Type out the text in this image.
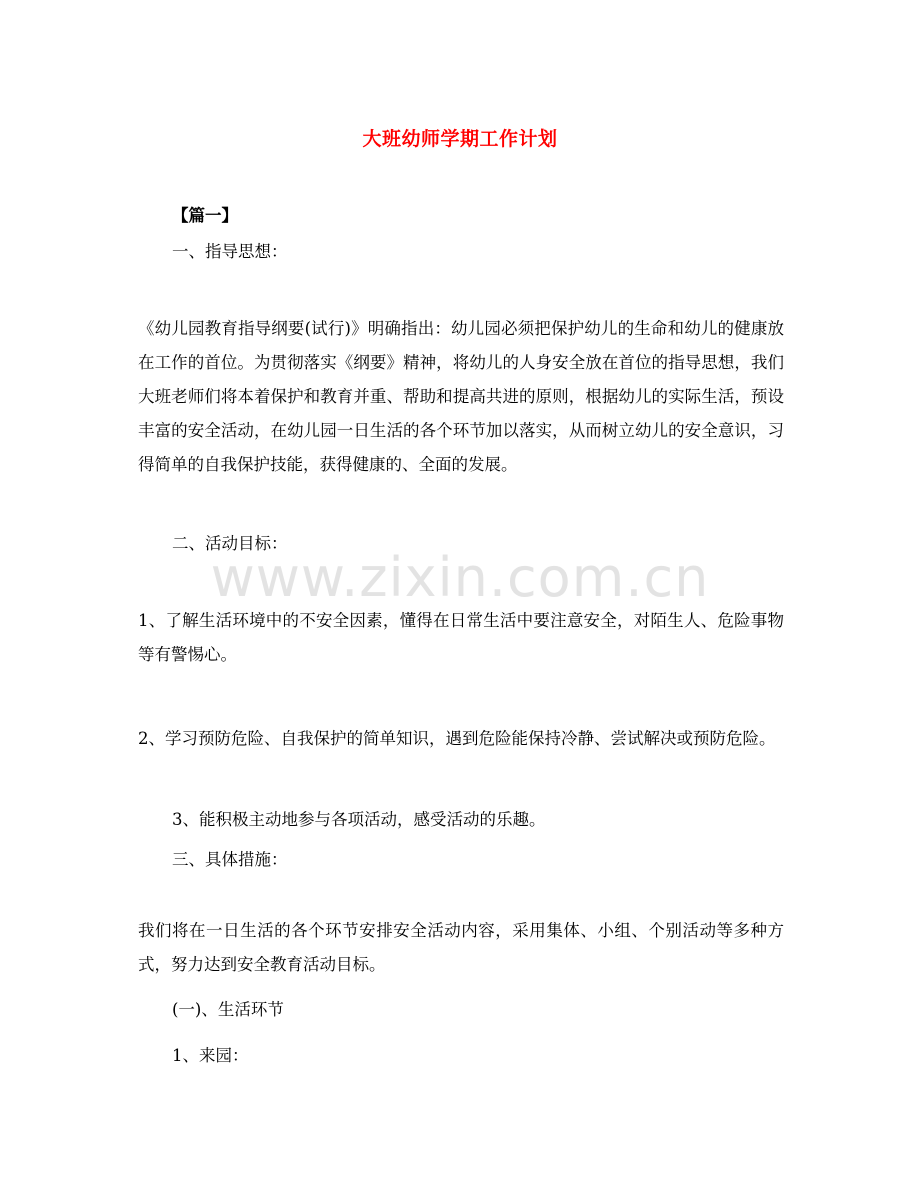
大班幼师学期工作计划
【篇一】
一、指导思想：
《幼儿园教育指导纲要(试行)》明确指出：幼儿园必须把保护幼儿的生命和幼儿的健康放在工作的首位。为贯彻落实《纲要》精神，将幼儿的人身安全放在首位的指导思想，我们大班老师们将本着保护和教育并重、帮助和提高共进的原则，根据幼儿的实际生活，预设丰富的安全活动，在幼儿园一日生活的各个环节加以落实，从而树立幼儿的安全意识，习得简单的自我保护技能，获得健康的、全面的发展。
二、活动目标：
1、了解生活环境中的不安全因素，懂得在日常生活中要注意安全，对陌生人、危险事物等有警惕心。
2、学习预防危险、自我保护的简单知识，遇到危险能保持冷静、尝试解决或预防危险。
3、能积极主动地参与各项活动，感受活动的乐趣。
三、具体措施：
我们将在一日生活的各个环节安排安全活动内容，采用集体、小组、个别活动等多种方式，努力达到安全教育活动目标。
(一)、生活环节
1、来园：
www.zixin.com.cn
